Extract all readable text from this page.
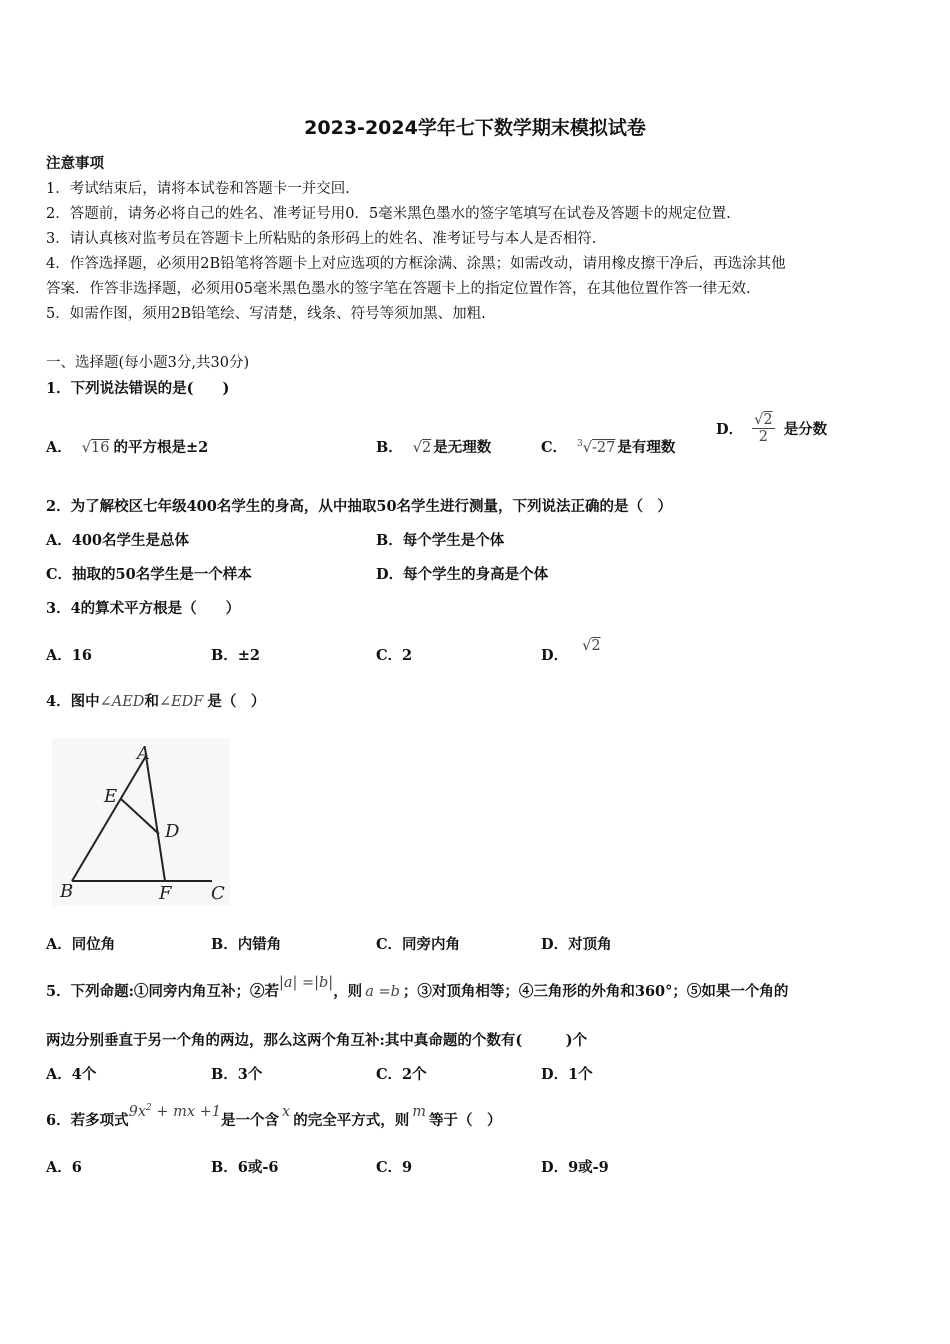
2023-2024学年七下数学期末模拟试卷
注意事项
1．考试结束后，请将本试卷和答题卡一并交回.
2．答题前，请务必将自己的姓名、准考证号用0．5毫米黑色墨水的签字笔填写在试卷及答题卡的规定位置.
3．请认真核对监考员在答题卡上所粘贴的条形码上的姓名、准考证号与本人是否相符.
4．作答选择题，必须用2B铅笔将答题卡上对应选项的方框涂满、涂黑；如需改动，请用橡皮擦干净后，再选涂其他
答案．作答非选择题，必须用05毫米黑色墨水的签字笔在答题卡上的指定位置作答，在其他位置作答一律无效.
5．如需作图，须用2B铅笔绘、写清楚，线条、符号等须加黑、加粗.
一、选择题(每小题3分,共30分)
1．下列说法错误的是(　　)
A． √16 的平方根是±2	B． √2 是无理数	C． $^3$√-27 是有理数
D． $\frac{√2}{2}$ 是分数
2．为了解校区七年级400名学生的身高，从中抽取50名学生进行测量，下列说法正确的是（　）
A．400名学生是总体	B．每个学生是个体
C．抽取的50名学生是一个样本	D．每个学生的身高是个体
3．4的算术平方根是（　　）
A．16	B．±2	C．2	D．√2
4．图中∠AED和∠EDF 是（　）
A
E
D
B	F C
A．同位角	B．内错角	C．同旁内角	D．对顶角
5．下列命题:①同旁内角互补；②若|a| =|b|，则 a =b ；③对顶角相等；④三角形的外角和360°；⑤如果一个角的
两边分别垂直于另一个角的两边，那么这两个角互补:其中真命题的个数有(　　　)个
A．4个	B．3个	C．2个	D．1个
6．若多项式$9x^2$ + mx +1是一个含 x 的完全平方式，则 m 等于（　）
A．6	B．6或-6	C．9	D．9或-9
